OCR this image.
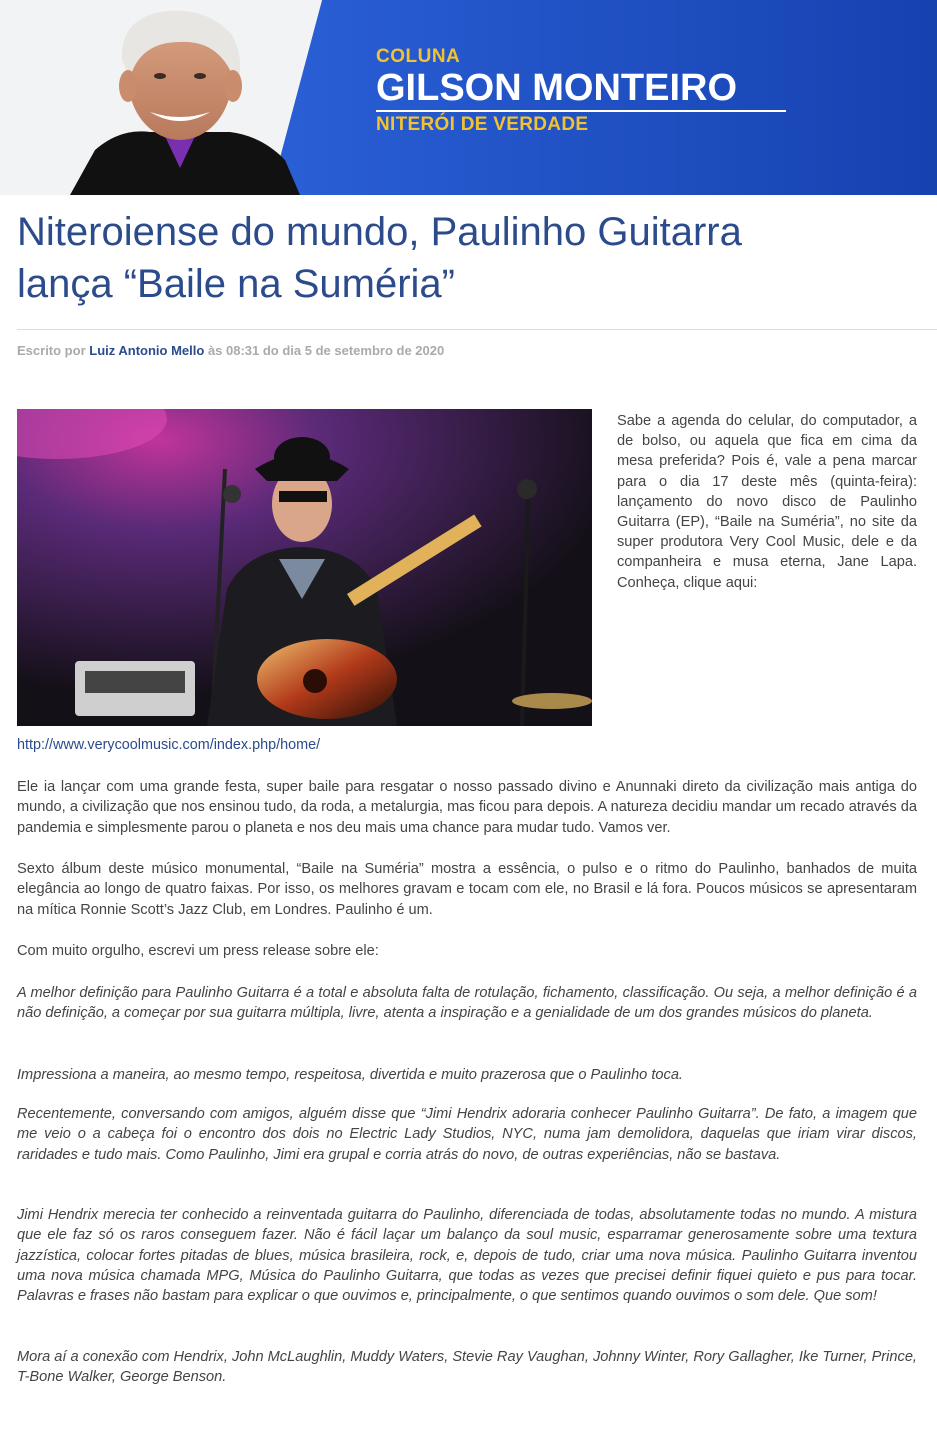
COLUNA
GILSON MONTEIRO
NITERÓI DE VERDADE
Niteroiense do mundo, Paulinho Guitarra
lança “Baile na Suméria”
Escrito por Luiz Antonio Mello às 08:31 do dia 5 de setembro de 2020

Sabe a agenda do celular, do computador, a de bolso, ou aquela que fica em cima da mesa preferida? Pois é, vale a pena marcar para o dia 17 deste mês (quinta-feira): lançamento do novo disco de Paulinho Guitarra (EP), “Baile na Suméria”, no site da super produtora Very Cool Music, dele e da companheira e musa eterna, Jane Lapa. Conheça, clique aqui:

http://www.verycoolmusic.com/index.php/home/

Ele ia lançar com uma grande festa, super baile para resgatar o nosso passado divino e Anunnaki direto da civilização mais antiga do mundo, a civilização que nos ensinou tudo, da roda, a metalurgia, mas ficou para depois. A natureza decidiu mandar um recado através da pandemia e simplesmente parou o planeta e nos deu mais uma chance para mudar tudo. Vamos ver.

Sexto álbum deste músico monumental, “Baile na Suméria” mostra a essência, o pulso e o ritmo do Paulinho, banhados de muita elegância ao longo de quatro faixas. Por isso, os melhores gravam e tocam com ele, no Brasil e lá fora. Poucos músicos se apresentaram na mítica Ronnie Scott’s Jazz Club, em Londres. Paulinho é um.

Com muito orgulho, escrevi um press release sobre ele:

A melhor definição para Paulinho Guitarra é a total e absoluta falta de rotulação, fichamento, classificação. Ou seja, a melhor definição é a não definição, a começar por sua guitarra múltipla, livre, atenta a inspiração e a genialidade de um dos grandes músicos do planeta.

Impressiona a maneira, ao mesmo tempo, respeitosa, divertida e muito prazerosa que o Paulinho toca.

Recentemente, conversando com amigos, alguém disse que “Jimi Hendrix adoraria conhecer Paulinho Guitarra”. De fato, a imagem que me veio o a cabeça foi o encontro dos dois no Electric Lady Studios, NYC, numa jam demolidora, daquelas que iriam virar discos, raridades e tudo mais. Como Paulinho, Jimi era grupal e corria atrás do novo, de outras experiências, não se bastava.

Jimi Hendrix merecia ter conhecido a reinventada guitarra do Paulinho, diferenciada de todas, absolutamente todas no mundo. A mistura que ele faz só os raros conseguem fazer. Não é fácil laçar um balanço da soul music, esparramar generosamente sobre uma textura jazzística, colocar fortes pitadas de blues, música brasileira, rock, e, depois de tudo, criar uma nova música. Paulinho Guitarra inventou uma nova música chamada MPG, Música do Paulinho Guitarra, que todas as vezes que precisei definir fiquei quieto e pus para tocar. Palavras e frases não bastam para explicar o que ouvimos e, principalmente, o que sentimos quando ouvimos o som dele. Que som!

Mora aí a conexão com Hendrix, John McLaughlin, Muddy Waters, Stevie Ray Vaughan, Johnny Winter, Rory Gallagher, Ike Turner, Prince, T-Bone Walker, George Benson.
